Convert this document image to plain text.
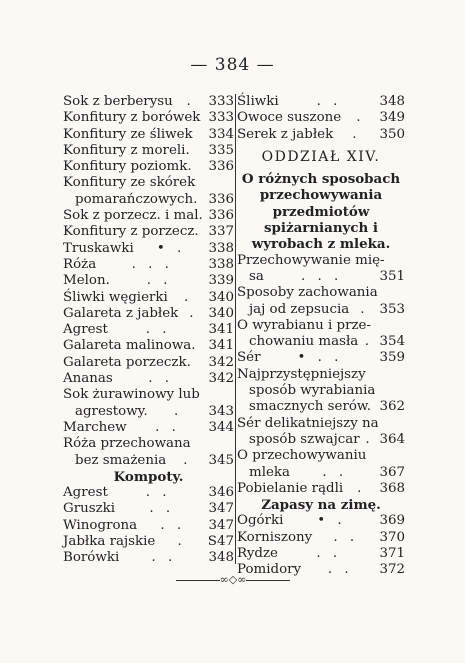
— 384 —
Sok z berberysu	.	333
Konfitury z borówek 333
Konfitury ze śliwek 334
Konfitury z moreli. 335
Konfitury poziomk. 336
Konfitury ze skórek
pomarańczowych. 336
Sok z porzecz. i mal. 336
Konfitury z porzecz. 337
Truskawki	• .	338
Róża	. . .	338
Melon.	. .	339
Śliwki węgierki	.	340
Galareta z jabłek . 340
Agrest	. .	341
Galareta malinowa. 341
Galareta porzeczk. 342
Ananas	. .	342
Sok żurawinowy lub
agrestowy.	.	343
Marchew	. .	344
Róża przechowana
bez smażenia	.	345
Kompoty.
Agrest	. .	346
Gruszki	. .	347
Winogrona	. .	347
Jabłka rajskie	.	S47
Borówki	. .	348
Śliwki	. .	348
Owoce suszone	.	349
Serek z jabłek	.	350
ODDZIAŁ XIV.
O różnych sposobach przechowywania przedmiotów spiżarnianych i wyrobach z mleka.
Przechowywanie mię-
sa	. . .	351
Sposoby zachowania
jaj od zepsucia . 353
O wyrabianu i prze-
chowaniu masła . 354
Sér	• . .	359
Najprzystępniejszy
sposób wyrabiania
smacznych serów. 362
Sér delikatniejszy na
sposób szwajcar . 364
O przechowywaniu
mleka	. .	367
Pobielanie rądli	.	368
Zapasy na zimę.
Ogórki	• .	369
Korniszony	. .	370
Rydze	. .	371
Pomidory	. .	372
∞◇∞
